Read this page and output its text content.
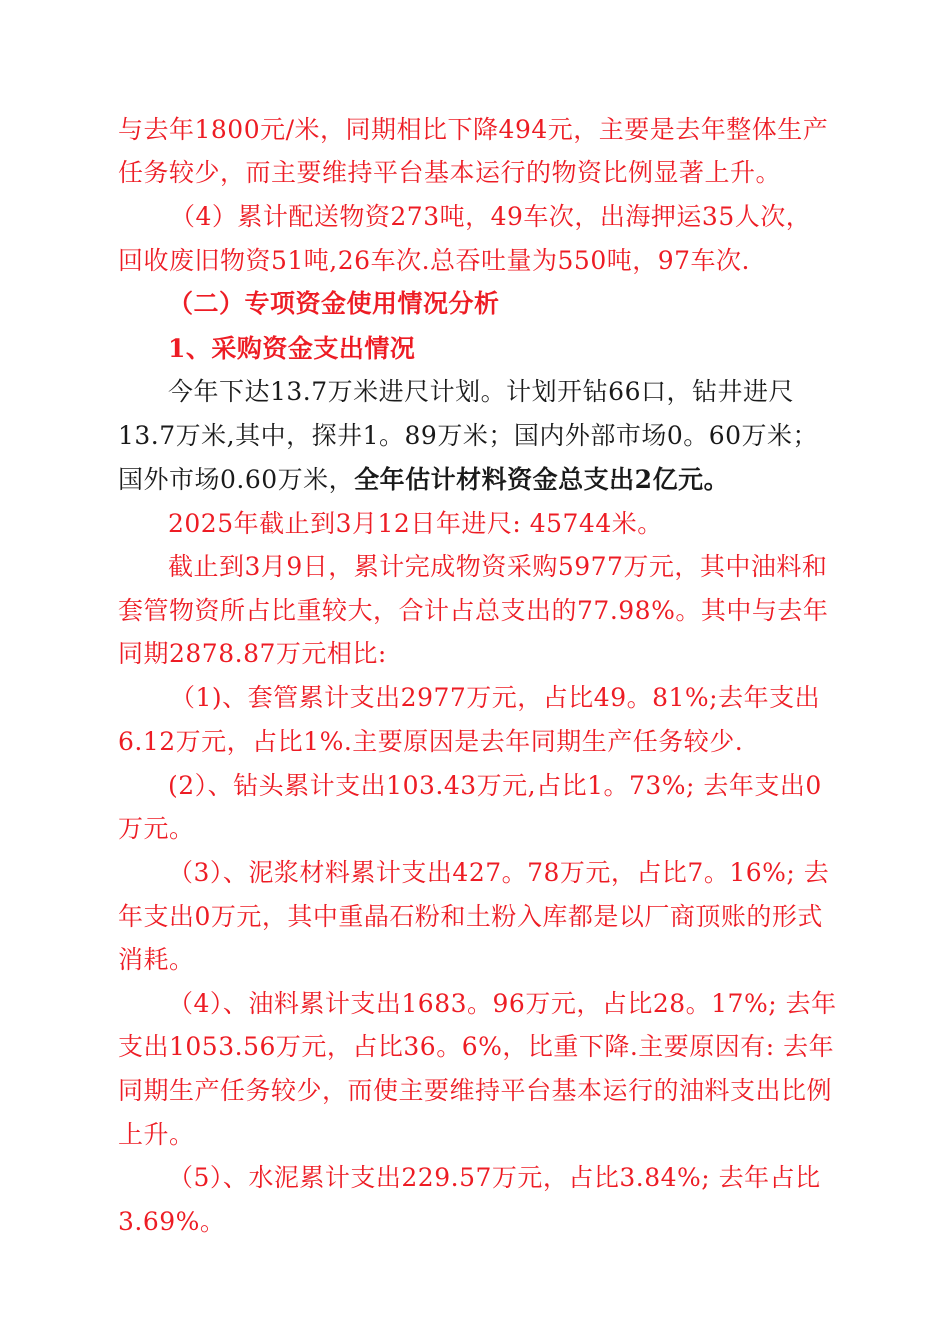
与去年1800元/米，同期相比下降494元，主要是去年整体生产
任务较少，而主要维持平台基本运行的物资比例显著上升。
（4）累计配送物资273吨，49车次，出海押运35人次，
回收废旧物资51吨,26车次.总吞吐量为550吨，97车次.
（二）专项资金使用情况分析
1、采购资金支出情况
今年下达13.7万米进尺计划。计划开钻66口，钻井进尺
13.7万米,其中，探井1。89万米；国内外部市场0。60万米；
国外市场0.60万米，全年估计材料资金总支出2亿元。
2025年截止到3月12日年进尺: 45744米。
截止到3月9日，累计完成物资采购5977万元，其中油料和
套管物资所占比重较大，合计占总支出的77.98%。其中与去年
同期2878.87万元相比:
（1)、套管累计支出2977万元，占比49。81%;去年支出
6.12万元，占比1%.主要原因是去年同期生产任务较少.
(2）、钻头累计支出103.43万元,占比1。73%; 去年支出0
万元。
（3）、泥浆材料累计支出427。78万元，占比7。16%; 去
年支出0万元，其中重晶石粉和土粉入库都是以厂商顶账的形式
消耗。
（4）、油料累计支出1683。96万元，占比28。17%; 去年
支出1053.56万元，占比36。6%，比重下降.主要原因有: 去年
同期生产任务较少，而使主要维持平台基本运行的油料支出比例
上升。
（5）、水泥累计支出229.57万元，占比3.84%; 去年占比
3.69%。
